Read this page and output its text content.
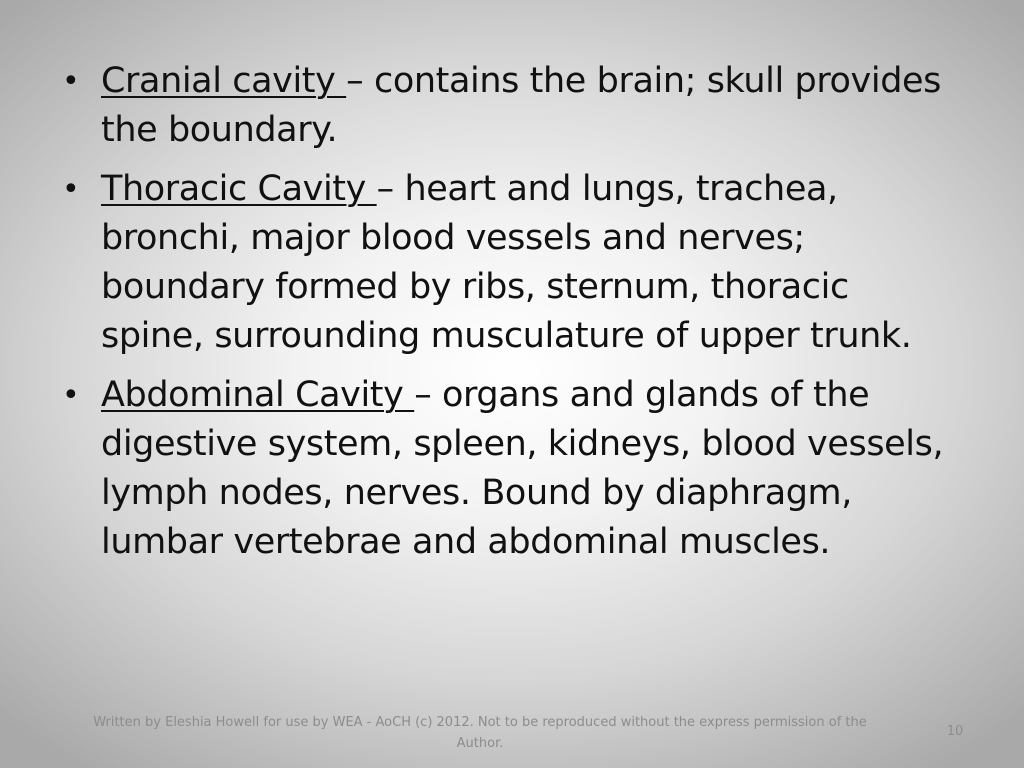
• Cranial cavity – contains the brain; skull provides the boundary.
• Thoracic Cavity – heart and lungs, trachea, bronchi, major blood vessels and nerves; boundary formed by ribs, sternum, thoracic spine, surrounding musculature of upper trunk.
• Abdominal Cavity – organs and glands of the digestive system, spleen, kidneys, blood vessels, lymph nodes, nerves. Bound by diaphragm, lumbar vertebrae and abdominal muscles.
Written by Eleshia Howell for use by WEA - AoCH (c) 2012. Not to be reproduced without the express permission of the Author.
10
